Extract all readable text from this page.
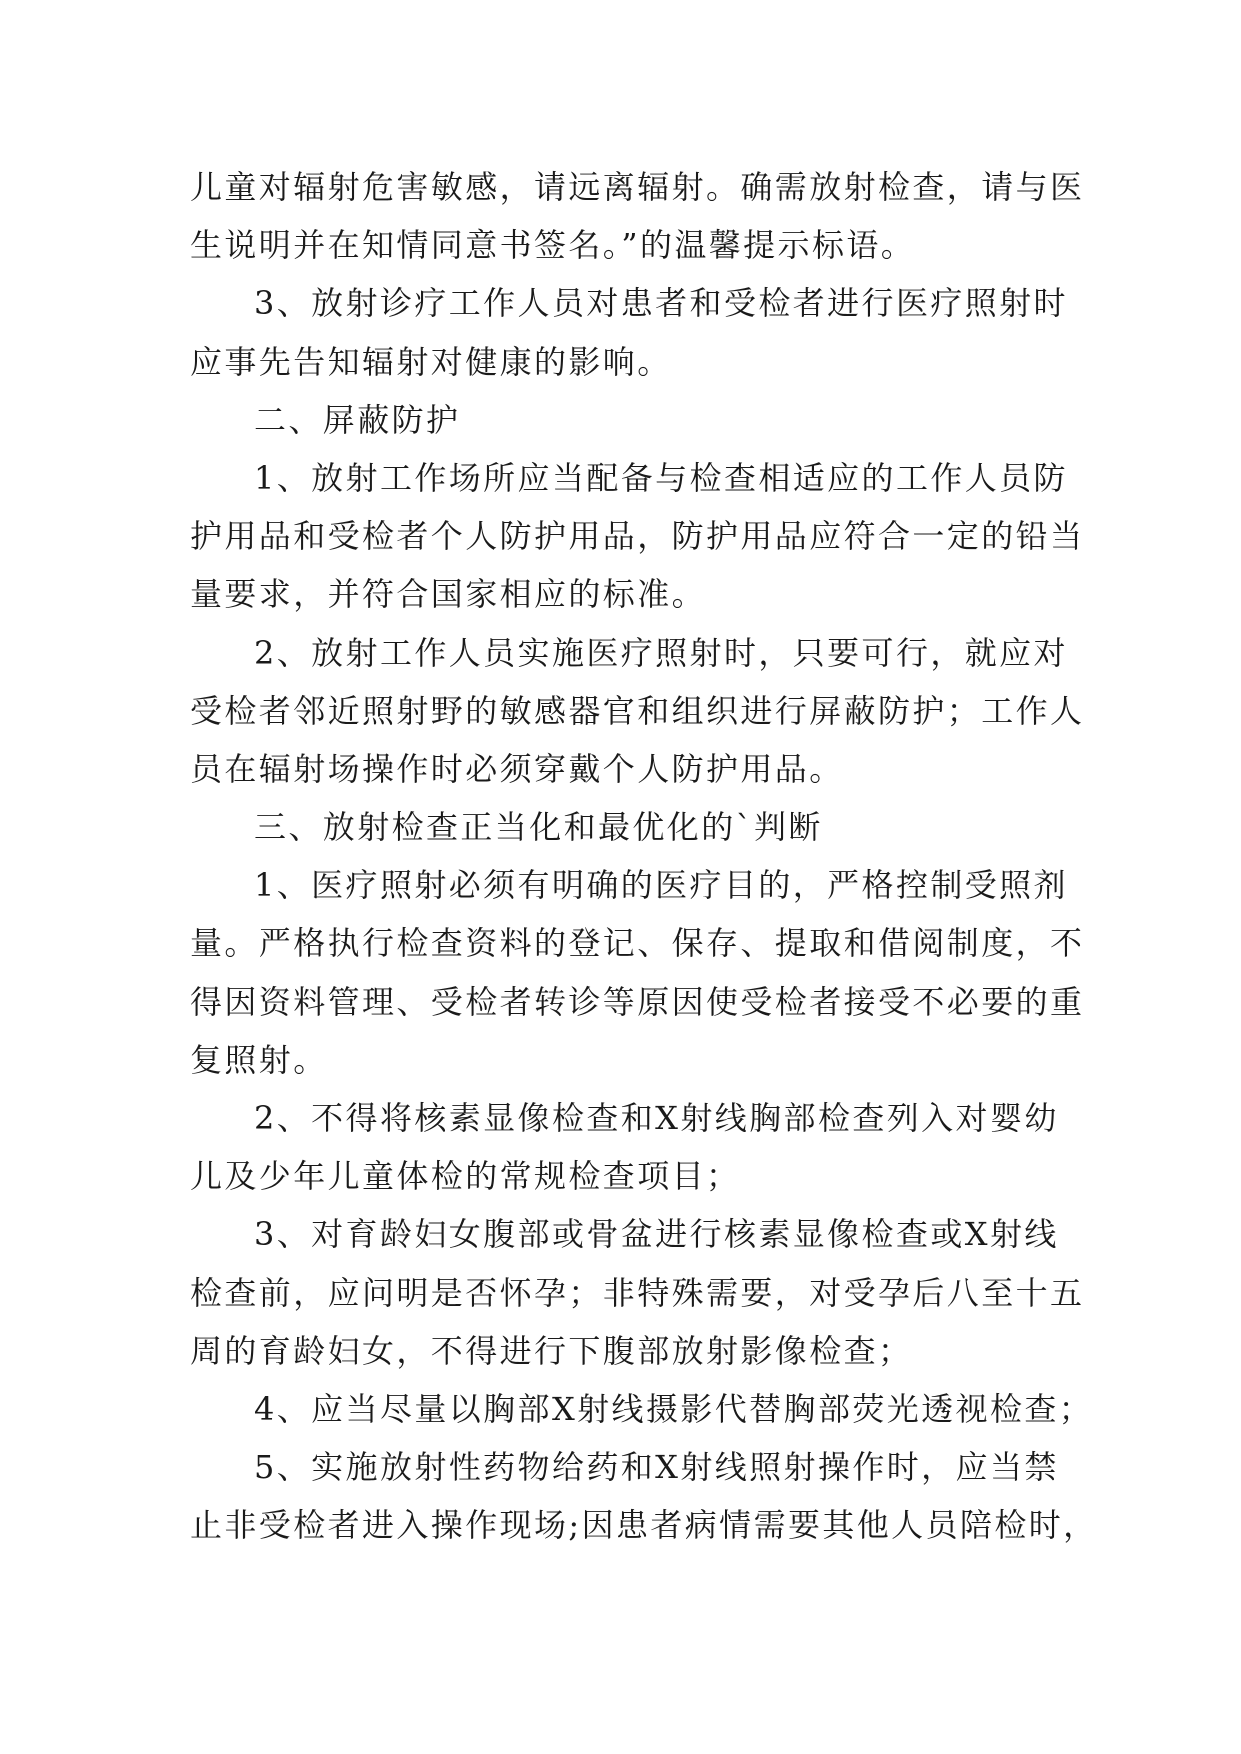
儿童对辐射危害敏感，请远离辐射。确需放射检查，请与医
生说明并在知情同意书签名。”的温馨提示标语。
3、放射诊疗工作人员对患者和受检者进行医疗照射时
应事先告知辐射对健康的影响。
二、屏蔽防护
1、放射工作场所应当配备与检查相适应的工作人员防
护用品和受检者个人防护用品，防护用品应符合一定的铅当
量要求，并符合国家相应的标准。
2、放射工作人员实施医疗照射时，只要可行，就应对
受检者邻近照射野的敏感器官和组织进行屏蔽防护；工作人
员在辐射场操作时必须穿戴个人防护用品。
三、放射检查正当化和最优化的`判断
1、医疗照射必须有明确的医疗目的，严格控制受照剂
量。严格执行检查资料的登记、保存、提取和借阅制度，不
得因资料管理、受检者转诊等原因使受检者接受不必要的重
复照射。
2、不得将核素显像检查和X射线胸部检查列入对婴幼
儿及少年儿童体检的常规检查项目；
3、对育龄妇女腹部或骨盆进行核素显像检查或X射线
检查前，应问明是否怀孕；非特殊需要，对受孕后八至十五
周的育龄妇女，不得进行下腹部放射影像检查；
4、应当尽量以胸部X射线摄影代替胸部荧光透视检查；
5、实施放射性药物给药和X射线照射操作时，应当禁
止非受检者进入操作现场;因患者病情需要其他人员陪检时，
